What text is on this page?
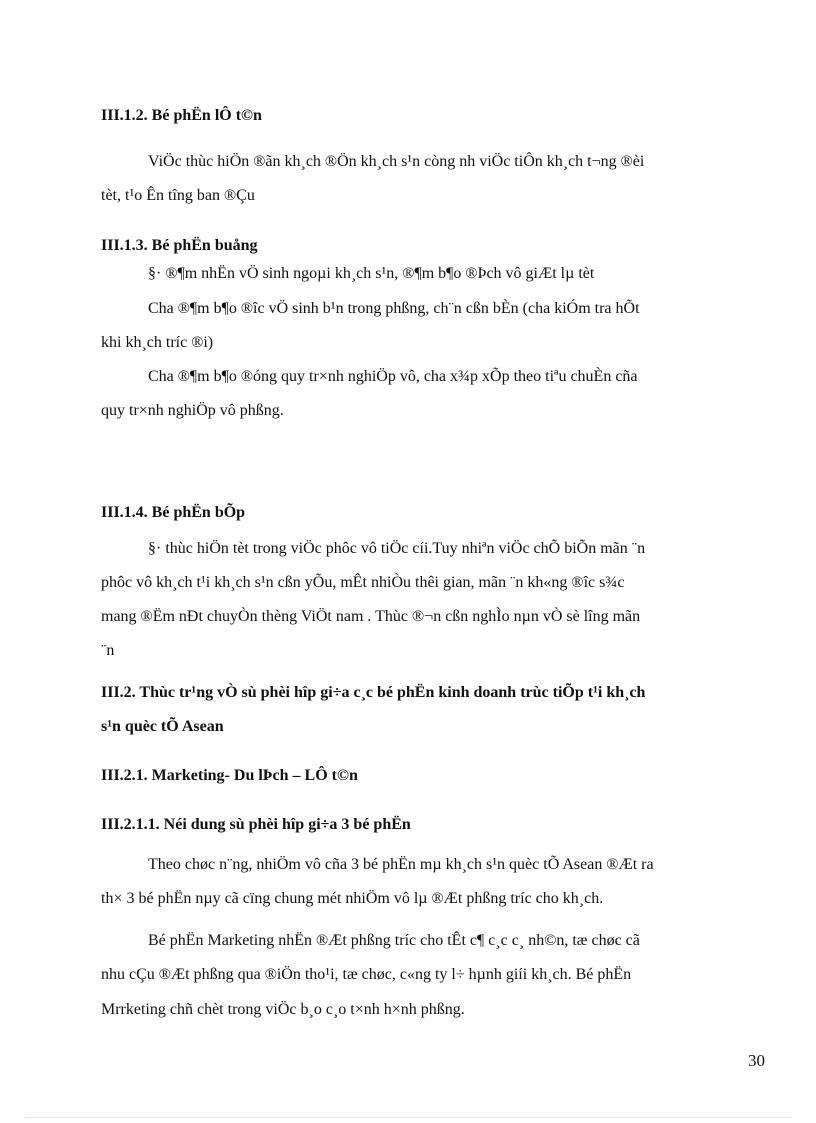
III.1.2. Bé phËn lÔ t©n
ViÖc thùc hiÖn ®ãn kh¸ch ®Ön kh¸ch s¹n còng nh viÖc tiÔn kh¸ch t¬ng ®èi
tèt, t¹o Ên tîng ban ®Çu
III.1.3. Bé phËn buång
§· ®¶m nhËn vÖ sinh ngoµi kh¸ch s¹n, ®¶m b¶o ®Þch vô giÆt lµ tèt
Cha ®¶m b¶o ®îc vÖ sinh b¹n trong phßng, ch¨n cßn bÈn (cha kiÓm tra hÕt
khi kh¸ch tríc ®i)
Cha ®¶m b¶o ®óng quy tr×nh nghiÖp vô, cha x¾p xÕp theo tiªu chuÈn cña
quy tr×nh nghiÖp vô phßng.
III.1.4. Bé phËn bÕp
§· thùc hiÖn tèt trong viÖc phôc vô tiÖc cíi.Tuy nhiªn viÖc chÕ biÕn mãn ¨n
phôc vô kh¸ch t¹i kh¸ch s¹n cßn yÕu, mÊt nhiÒu thêi gian, mãn ¨n kh«ng ®îc s¾c
mang ®Ëm nÐt chuyÒn thèng ViÖt nam . Thùc ®¬n cßn nghÌo nµn vÒ sè lîng mãn
¨n
III.2. Thùc tr¹ng vÒ sù phèi hîp gi÷a c¸c bé phËn kinh doanh trùc tiÕp t¹i kh¸ch
s¹n quèc tÕ Asean
III.2.1. Marketing- Du lÞch – LÔ t©n
III.2.1.1. Néi dung sù phèi hîp gi÷a 3 bé phËn
Theo chøc n¨ng, nhiÖm vô cña 3 bé phËn mµ kh¸ch s¹n quèc tÕ Asean ®Æt ra
th× 3 bé phËn nµy cã cïng chung mét nhiÖm vô lµ ®Æt phßng tríc cho kh¸ch.
Bé phËn Marketing nhËn ®Æt phßng tríc cho tÊt c¶ c¸c c¸ nh©n, tæ chøc cã
nhu cÇu ®Æt phßng qua ®iÖn tho¹i, tæ chøc, c«ng ty l÷ hµnh giíi kh¸ch. Bé phËn
Mrrketing chñ chèt trong viÖc b¸o c¸o t×nh h×nh phßng.
30
